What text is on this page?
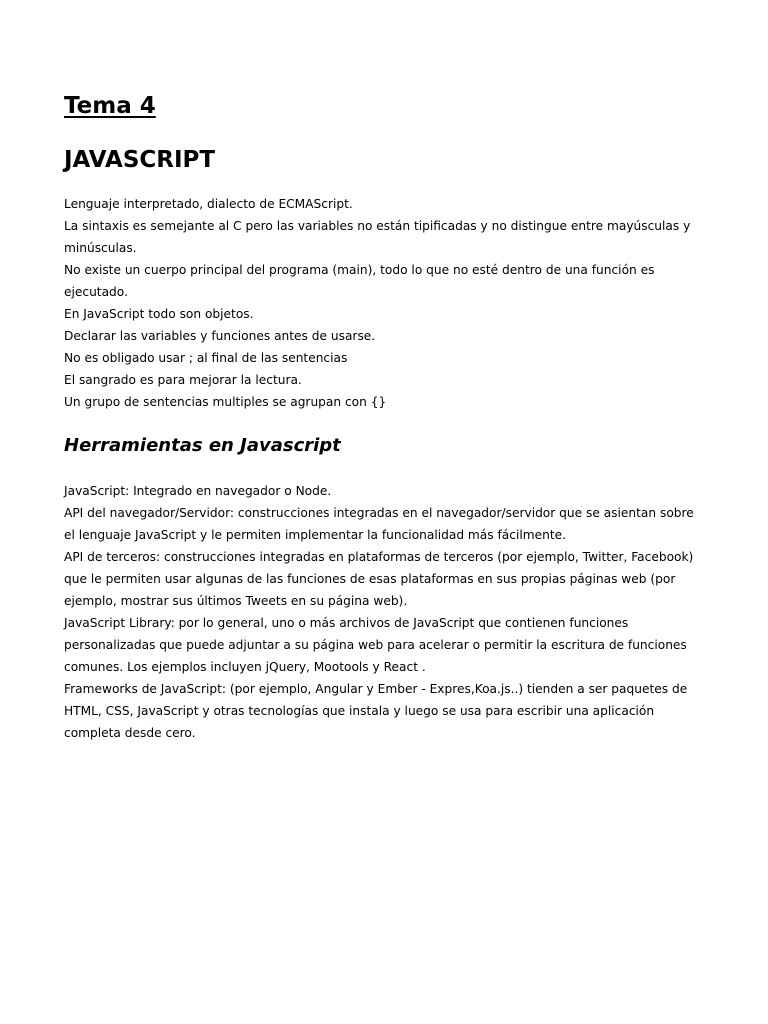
Tema 4
JAVASCRIPT

Lenguaje interpretado, dialecto de ECMAScript.

La sintaxis es semejante al C pero las variables no están tipificadas y no distingue entre mayúsculas y minúsculas.

No existe un cuerpo principal del programa (main), todo lo que no esté dentro de una función es ejecutado.

En JavaScript todo son objetos.

Declarar las variables y funciones antes de usarse.

No es obligado usar ; al final de las sentencias

El sangrado es para mejorar la lectura.

Un grupo de sentencias multiples se agrupan con {}

Herramientas en Javascript

JavaScript: Integrado en navegador o Node.

API del navegador/Servidor: construcciones integradas en el navegador/servidor que se asientan sobre el lenguaje JavaScript y le permiten implementar la funcionalidad más fácilmente.

API de terceros: construcciones integradas en plataformas de terceros (por ejemplo, Twitter, Facebook) que le permiten usar algunas de las funciones de esas plataformas en sus propias páginas web (por ejemplo, mostrar sus últimos Tweets en su página web).

JavaScript Library: por lo general, uno o más archivos de JavaScript que contienen funciones personalizadas que puede adjuntar a su página web para acelerar o permitir la escritura de funciones comunes. Los ejemplos incluyen jQuery, Mootools y React .

Frameworks de JavaScript: (por ejemplo, Angular y Ember - Expres,Koa.js..) tienden a ser paquetes de HTML, CSS, JavaScript y otras tecnologías que instala y luego se usa para escribir una aplicación completa desde cero.
